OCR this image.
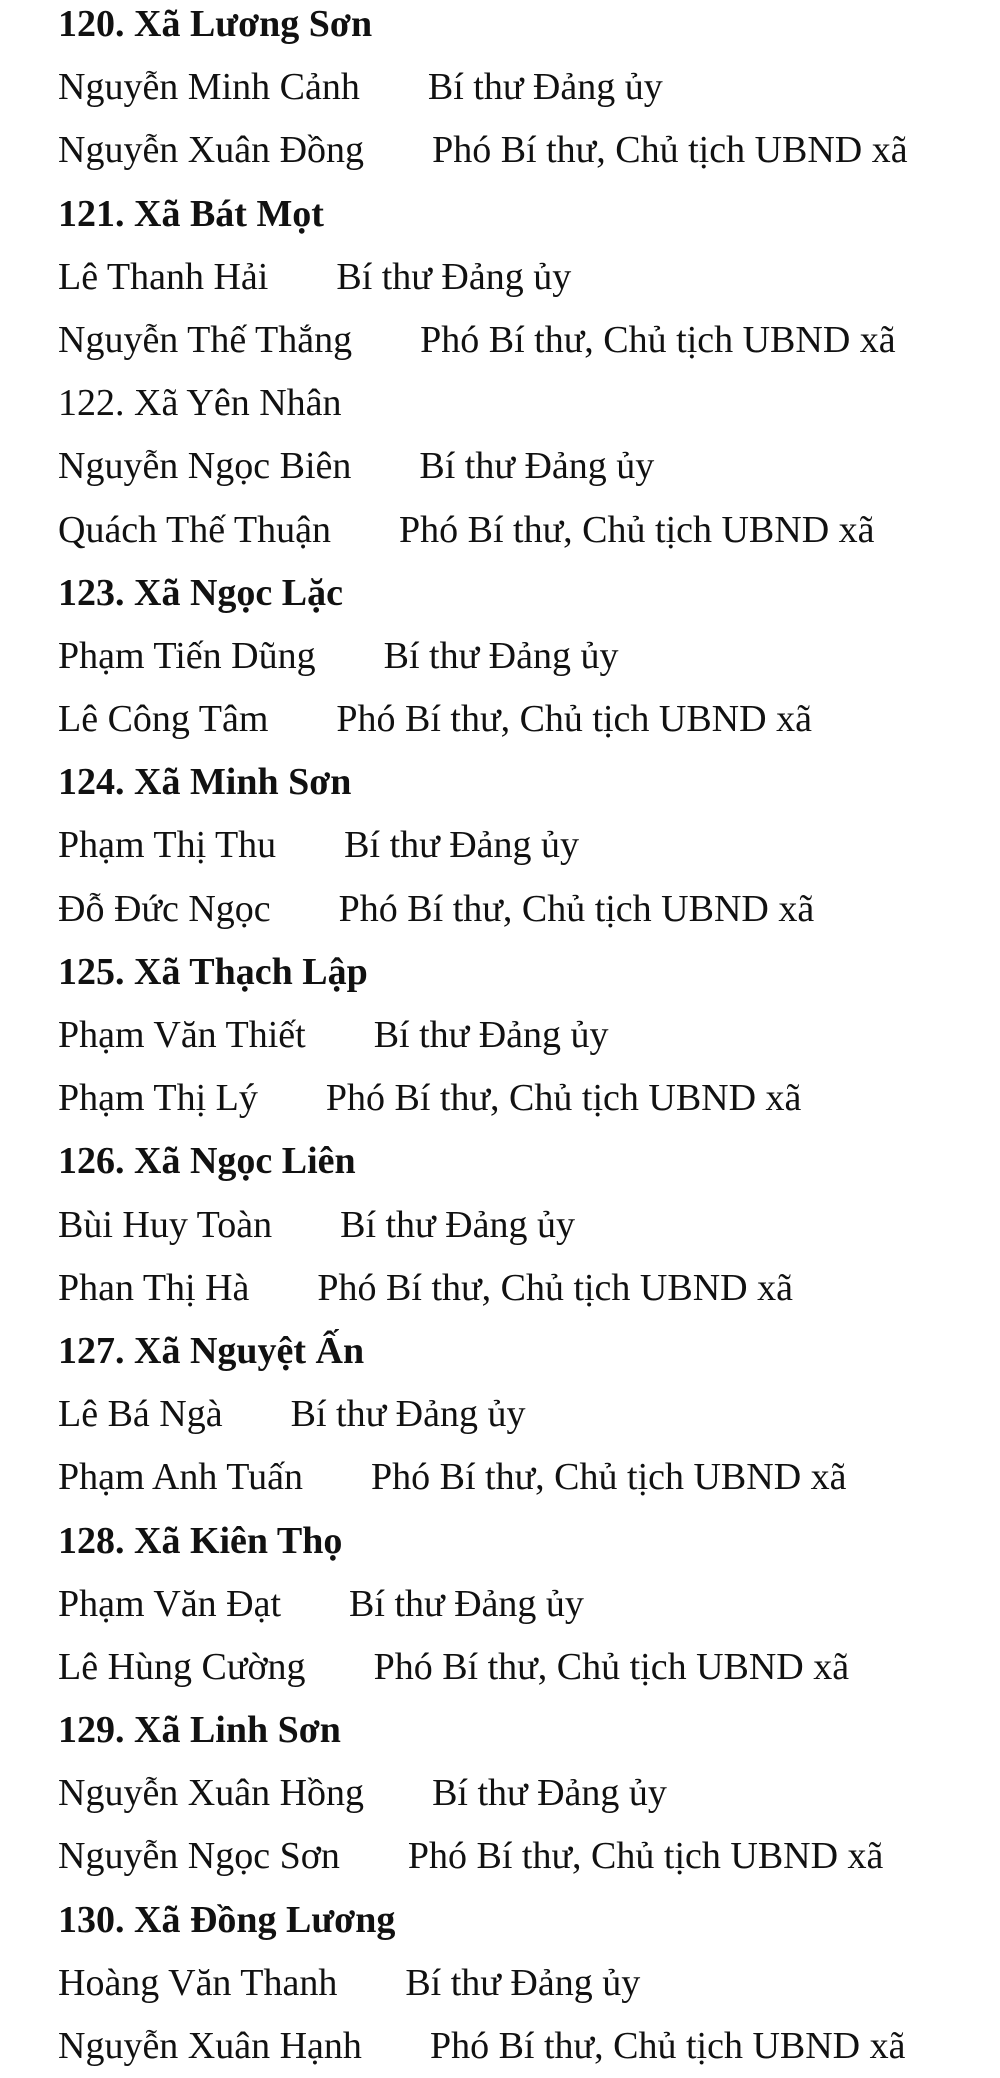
120. Xã Lương Sơn
Nguyễn Minh Cảnh Bí thư Đảng ủy
Nguyễn Xuân Đồng Phó Bí thư, Chủ tịch UBND xã
121. Xã Bát Mọt
Lê Thanh Hải Bí thư Đảng ủy
Nguyễn Thế Thắng Phó Bí thư, Chủ tịch UBND xã
122. Xã Yên Nhân
Nguyễn Ngọc Biên Bí thư Đảng ủy
Quách Thế Thuận Phó Bí thư, Chủ tịch UBND xã
123. Xã Ngọc Lặc
Phạm Tiến Dũng Bí thư Đảng ủy
Lê Công Tâm Phó Bí thư, Chủ tịch UBND xã
124. Xã Minh Sơn
Phạm Thị Thu Bí thư Đảng ủy
Đỗ Đức Ngọc Phó Bí thư, Chủ tịch UBND xã
125. Xã Thạch Lập
Phạm Văn Thiết Bí thư Đảng ủy
Phạm Thị Lý Phó Bí thư, Chủ tịch UBND xã
126. Xã Ngọc Liên
Bùi Huy Toàn Bí thư Đảng ủy
Phan Thị Hà Phó Bí thư, Chủ tịch UBND xã
127. Xã Nguyệt Ấn
Lê Bá Ngà Bí thư Đảng ủy
Phạm Anh Tuấn Phó Bí thư, Chủ tịch UBND xã
128. Xã Kiên Thọ
Phạm Văn Đạt Bí thư Đảng ủy
Lê Hùng Cường Phó Bí thư, Chủ tịch UBND xã
129. Xã Linh Sơn
Nguyễn Xuân Hồng Bí thư Đảng ủy
Nguyễn Ngọc Sơn Phó Bí thư, Chủ tịch UBND xã
130. Xã Đồng Lương
Hoàng Văn Thanh Bí thư Đảng ủy
Nguyễn Xuân Hạnh Phó Bí thư, Chủ tịch UBND xã
